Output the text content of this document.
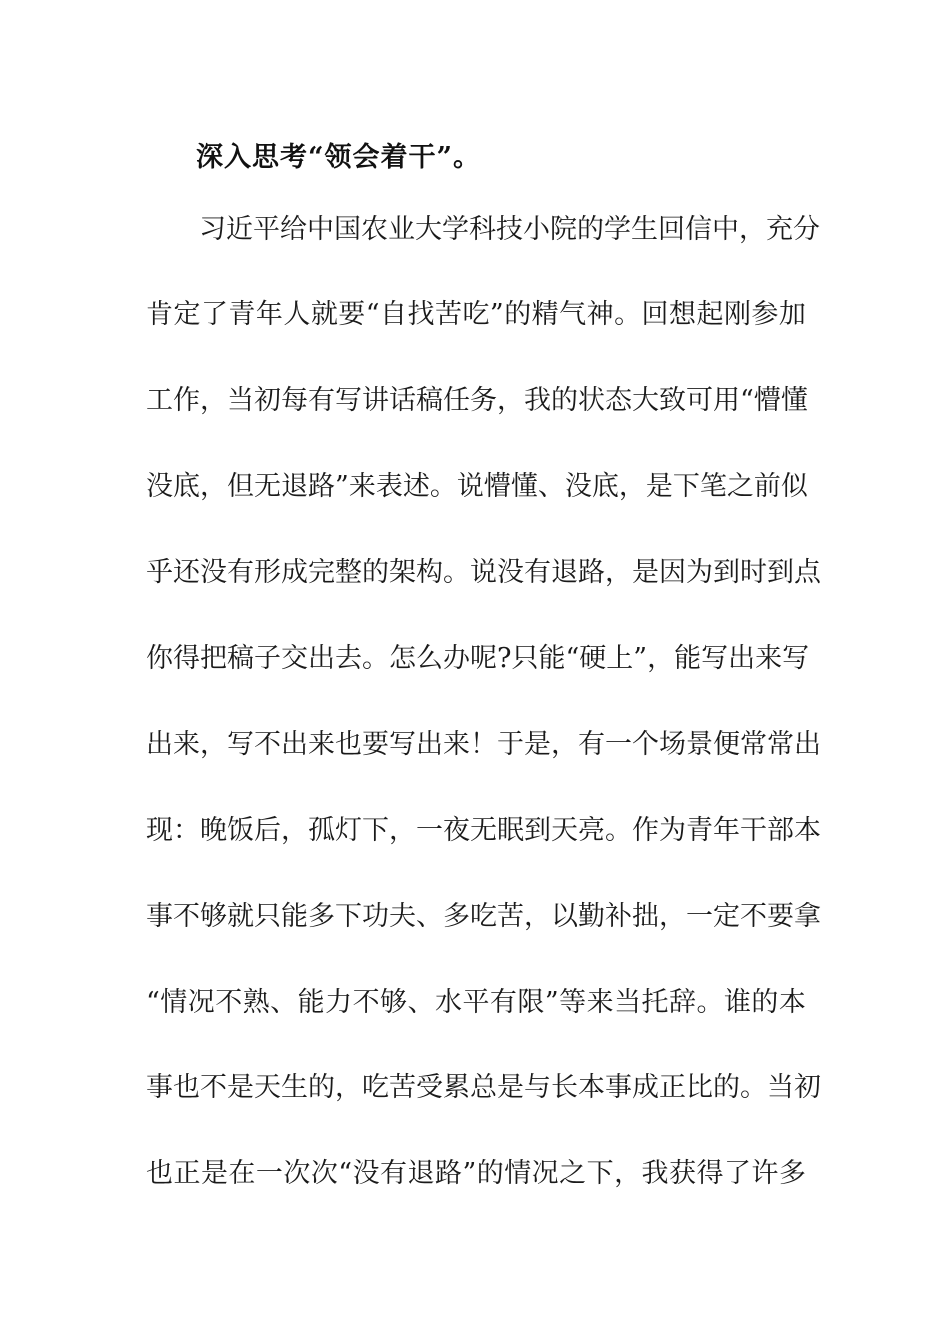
深入思考“领会着干”。
习 近 平 给 中 国 农 业 大 学 科 技 小 院 的 学 生 回 信 中 ， 充 分
肯 定 了 青 年 人 就 要 “ 自 找 苦 吃 ” 的 精 气 神 。 回 想 起 刚 参 加
工 作 ， 当 初 每 有 写 讲 话 稿 任 务 ， 我 的 状 态 大 致 可 用 “ 懵 懂
没 底 ， 但 无 退 路 ” 来 表 述 。 说 懵 懂 、 没 底 ， 是 下 笔 之 前 似
乎 还 没 有 形 成 完 整 的 架 构 。 说 没 有 退 路 ， 是 因 为 到 时 到 点
你 得 把 稿 子 交 出 去 。 怎 么 办 呢 ? 只 能 “ 硬 上 ” ， 能 写 出 来 写
出 来 ， 写 不 出 来 也 要 写 出 来 ！ 于 是 ， 有 一 个 场 景 便 常 常 出
现 ： 晚 饭 后 ， 孤 灯 下 ， 一 夜 无 眠 到 天 亮 。 作 为 青 年 干 部 本
事 不 够 就 只 能 多 下 功 夫 、 多 吃 苦 ， 以 勤 补 拙 ， 一 定 不 要 拿
“ 情 况 不 熟 、 能 力 不 够 、 水 平 有 限 ” 等 来 当 托 辞 。 谁 的 本
事 也 不 是 天 生 的 ， 吃 苦 受 累 总 是 与 长 本 事 成 正 比 的 。 当 初
也 正 是 在 一 次 次 “ 没 有 退 路 ” 的 情 况 之 下 ， 我 获 得 了 许 多
